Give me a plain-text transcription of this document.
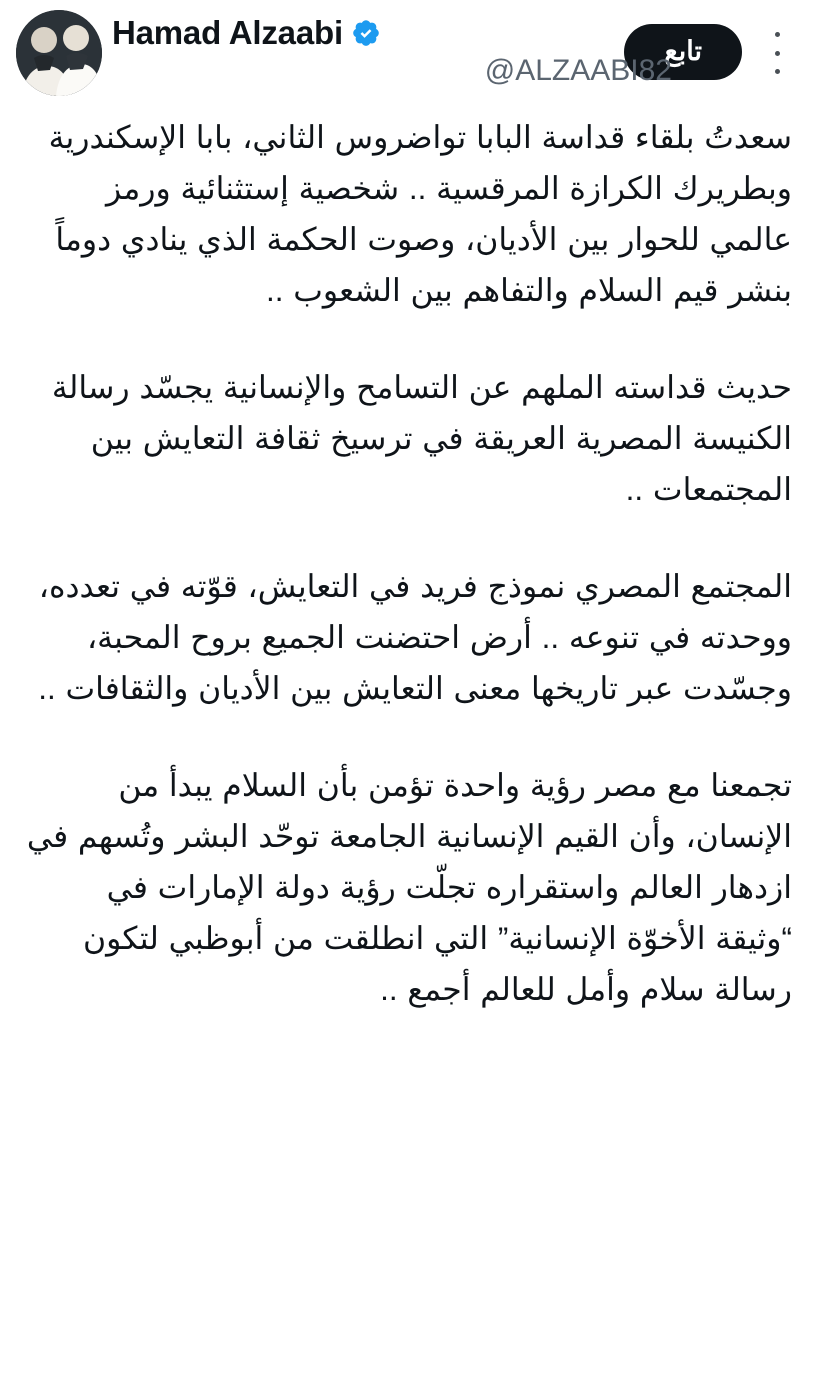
تابع
Hamad Alzaabi
@ALZAABI82

سعدتُ بلقاء قداسة البابا تواضروس الثاني، بابا الإسكندرية وبطريرك الكرازة المرقسية .. شخصية إستثنائية ورمز عالمي للحوار بين الأديان، وصوت الحكمة الذي ينادي دوماً بنشر قيم السلام والتفاهم بين الشعوب ..

حديث قداسته الملهم عن التسامح والإنسانية يجسّد رسالة الكنيسة المصرية العريقة في ترسيخ ثقافة التعايش بين المجتمعات ..

المجتمع المصري نموذج فريد في التعايش، قوّته في تعدده، ووحدته في تنوعه .. أرض احتضنت الجميع بروح المحبة، وجسّدت عبر تاريخها معنى التعايش بين الأديان والثقافات ..

تجمعنا مع مصر رؤية واحدة تؤمن بأن السلام يبدأ من الإنسان، وأن القيم الإنسانية الجامعة توحّد البشر وتُسهم في ازدهار العالم واستقراره تجلّت رؤية دولة الإمارات في “وثيقة الأخوّة الإنسانية” التي انطلقت من أبوظبي لتكون رسالة سلام وأمل للعالم أجمع ..
